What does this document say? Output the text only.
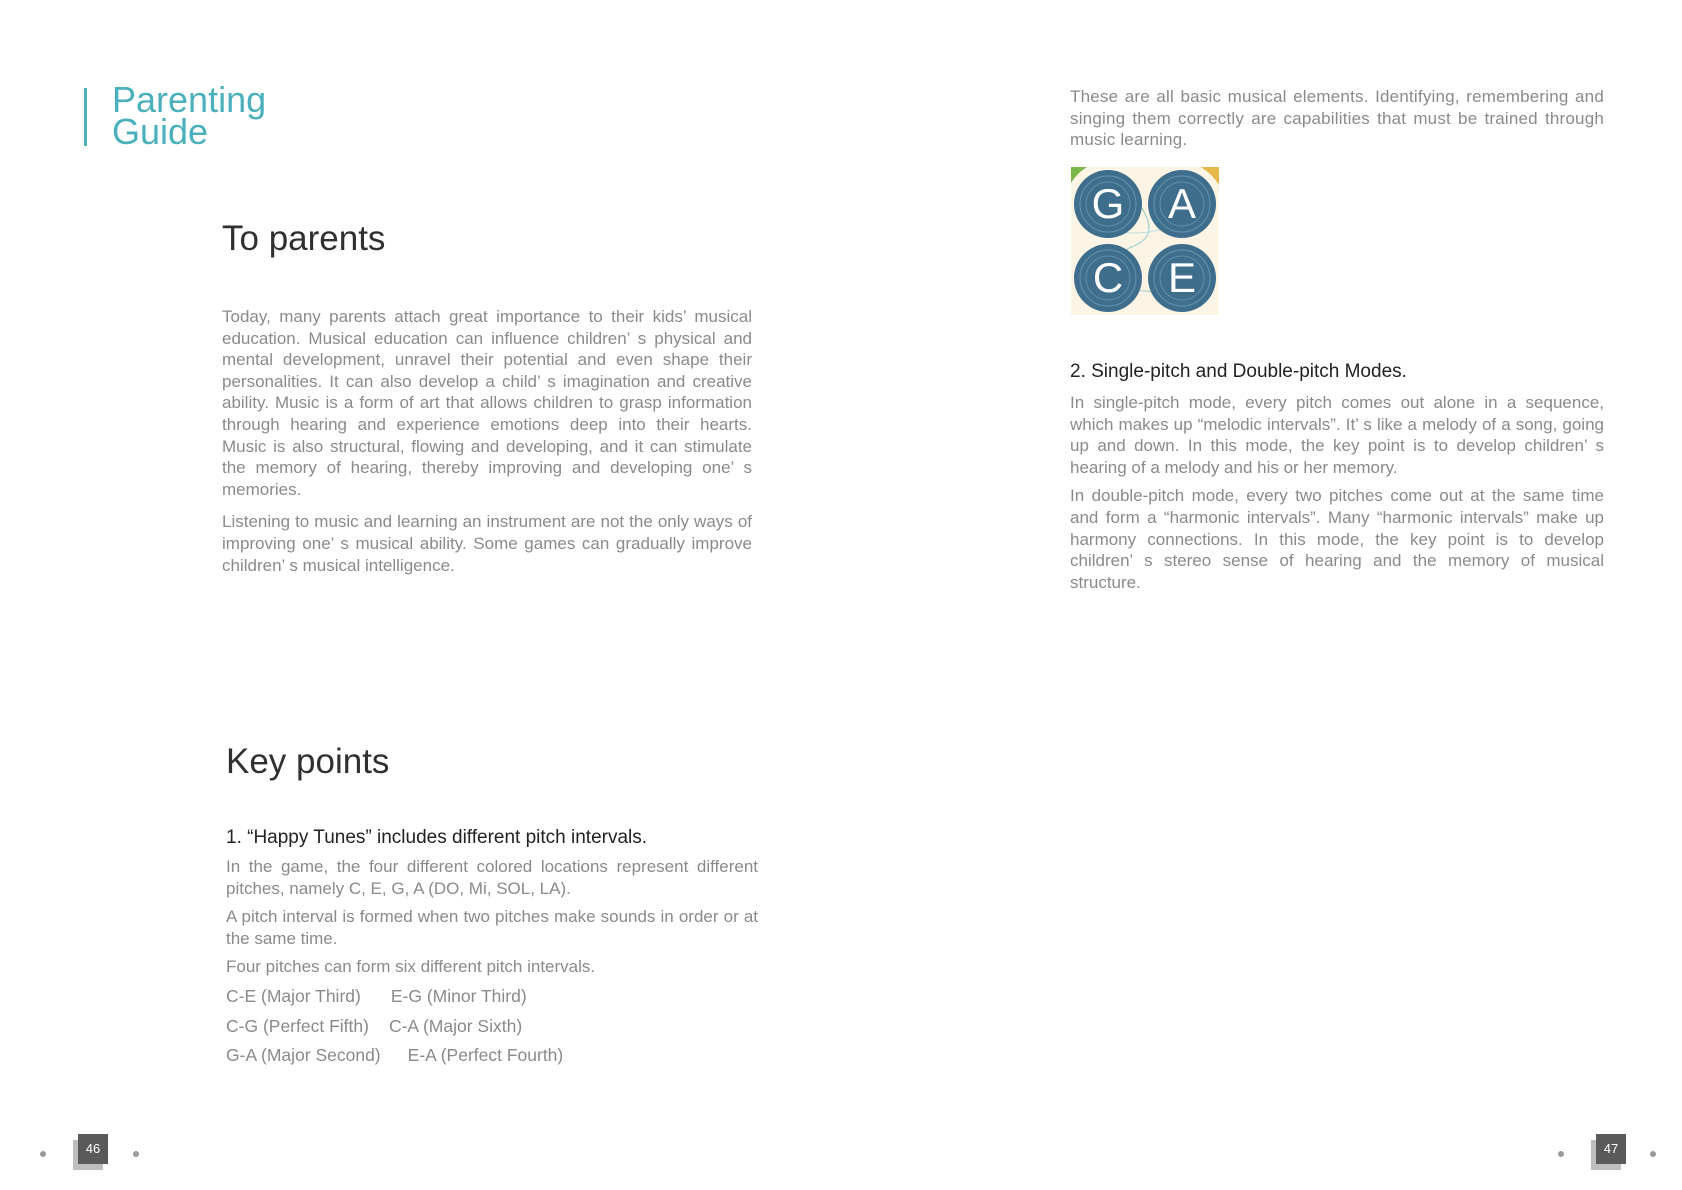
Parenting
Guide
To parents

Today, many parents attach great importance to their kids’ musical education. Musical education can influence children’ s physical and mental development, unravel their potential and even shape their personalities. It can also develop a child’ s imagination and creative ability. Music is a form of art that allows children to grasp information through hearing and experience emotions deep into their hearts. Music is also structural, flowing and developing, and it can stimulate the memory of hearing, thereby improving and developing one’ s memories.

Listening to music and learning an instrument are not the only ways of improving one’ s musical ability. Some games can gradually improve children’ s musical intelligence.

Key points
1. “Happy Tunes” includes different pitch intervals.

In the game, the four different colored locations represent different pitches, namely C, E, G, A (DO, Mi, SOL, LA).

A pitch interval is formed when two pitches make sounds in order or at the same time.

Four pitches can form six different pitch intervals.

C-E (Major Third) E-G (Minor Third)
C-G (Perfect Fifth) C-A (Major Sixth)
G-A (Major Second) E-A (Perfect Fourth)

These are all basic musical elements. Identifying, remembering and singing them correctly are capabilities that must be trained through music learning.

G A
C E
2. Single-pitch and Double-pitch Modes.

In single-pitch mode, every pitch comes out alone in a sequence, which makes up “melodic intervals”. It’ s like a melody of a song, going up and down. In this mode, the key point is to develop children’ s hearing of a melody and his or her memory.

In double-pitch mode, every two pitches come out at the same time and form a “harmonic intervals”. Many “harmonic intervals” make up harmony connections. In this mode, the key point is to develop children’ s stereo sense of hearing and the memory of musical structure.

46	47
